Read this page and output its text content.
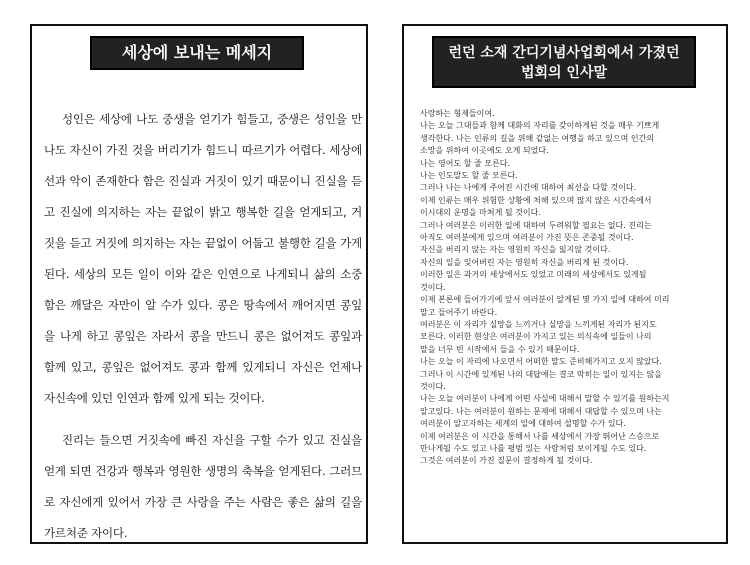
세상에 보내는 메세지

성인은 세상에 나도 중생을 얻기가 힘들고, 중생은 성인을 만나도 자신이 가진 것을 버리기가 힘드니 따르기가 어렵다. 세상에 선과 악이 존재한다 함은 진실과 거짓이 있기 때문이니 진실을 듣고 진실에 의지하는 자는 끝없이 밝고 행복한 길을 얻게되고, 거짓을 듣고 거짓에 의지하는 자는 끝없이 어둡고 불행한 길을 가게 된다. 세상의 모든 일이 이와 같은 인연으로 나게되니 삶의 소중함은 깨달은 자만이 알 수가 있다. 콩은 땅속에서 깨어지면 콩잎을 나게 하고 콩잎은 자라서 콩을 만드니 콩은 없어져도 콩잎과 함께 있고, 콩잎은 없어져도 콩과 함께 있게되니 자신은 언제나 자신속에 있던 인연과 함께 있게 되는 것이다.

진리는 들으면 거짓속에 빠진 자신을 구할 수가 있고 진실을 얻게 되면 건강과 행복과 영원한 생명의 축복을 얻게된다. 그러므로 자신에게 있어서 가장 큰 사랑을 주는 사람은 좋은 삶의 길을 가르쳐준 자이다.

런던 소재 간디기념사업회에서 가졌던
법회의 인사말

사랑하는 형제들이여.

나는 오늘 그대들과 함께 대화의 자리를 갖이하게된 것을 매우 기쁘게

생각한다. 나는 인류의 길을 위해 같없는 여행을 하고 있으며 인간의

소망을 위하여 이곳에도 오게 되었다.

나는 영어도 할 줄 모른다.

나는 인도말도 할 줄 모른다.

그러나 나는 나에게 주어진 시간에 대하여 최선을 다할 것이다.

이제 인류는 매우 위험한 상황에 처해 있으며 많지 않은 시간속에서

이시대의 운명을 마쳐게 될 것이다.

그러나 여러분은 이러한 일에 대하여 두려워할 필요는 없다. 진리는

아직도 여러분에게 있으며 여러분이 가진 뜻은 존중될 것이다.

자신을 버리지 않는 자는 영원히 자신을 잃지않 것이다.

자신의 일을 잊어버린 자는 영원히 자신을 버리게 된 것이다.

이러한 일은 과거의 세상에서도 있었고 미래의 세상에서도 있게될

것이다.

이제 본론에 들어가기에 앞서 여러분이 알게된 몇 가지 일에 대하여 미리

말고 들어주기 바란다.

여러분은 이 자리가 실망을 느끼거나 실망을 느끼게된 자리가 된지도

모른다. 이러한 현상은 여러분이 가지고 있는 의식속에 일들이 나의

말을 너무 빈 시작에서 들을 수 있기 때문이다.

나는 오늘 이 자리에 나오면서 어떠한 말도 준비해가지고 오지 않았다.

그러나 이 시간에 있게된 나의 대답에는 결코 막히는 일이 있지는 않을

것이다.

나는 오늘 여러분이 나에게 어떤 사실에 대해서 말할 수 있기를 원하는지

알고있다. 나는 여러분이 원하는 문제에 대해서 대답할 수 있으며 나는

여러분이 알고자하는 세계의 일에 대하여 설명할 수가 있다.

이제 여러분은 이 시간을 통해서 나를 세상에서 가장 뛰어난 스승으로

만나게될 수도 있고 나를 평범 있는 사람처럼 보이게될 수도 있다.

그것은 여러분이 가진 질문이 결정하게 될 것이다.
